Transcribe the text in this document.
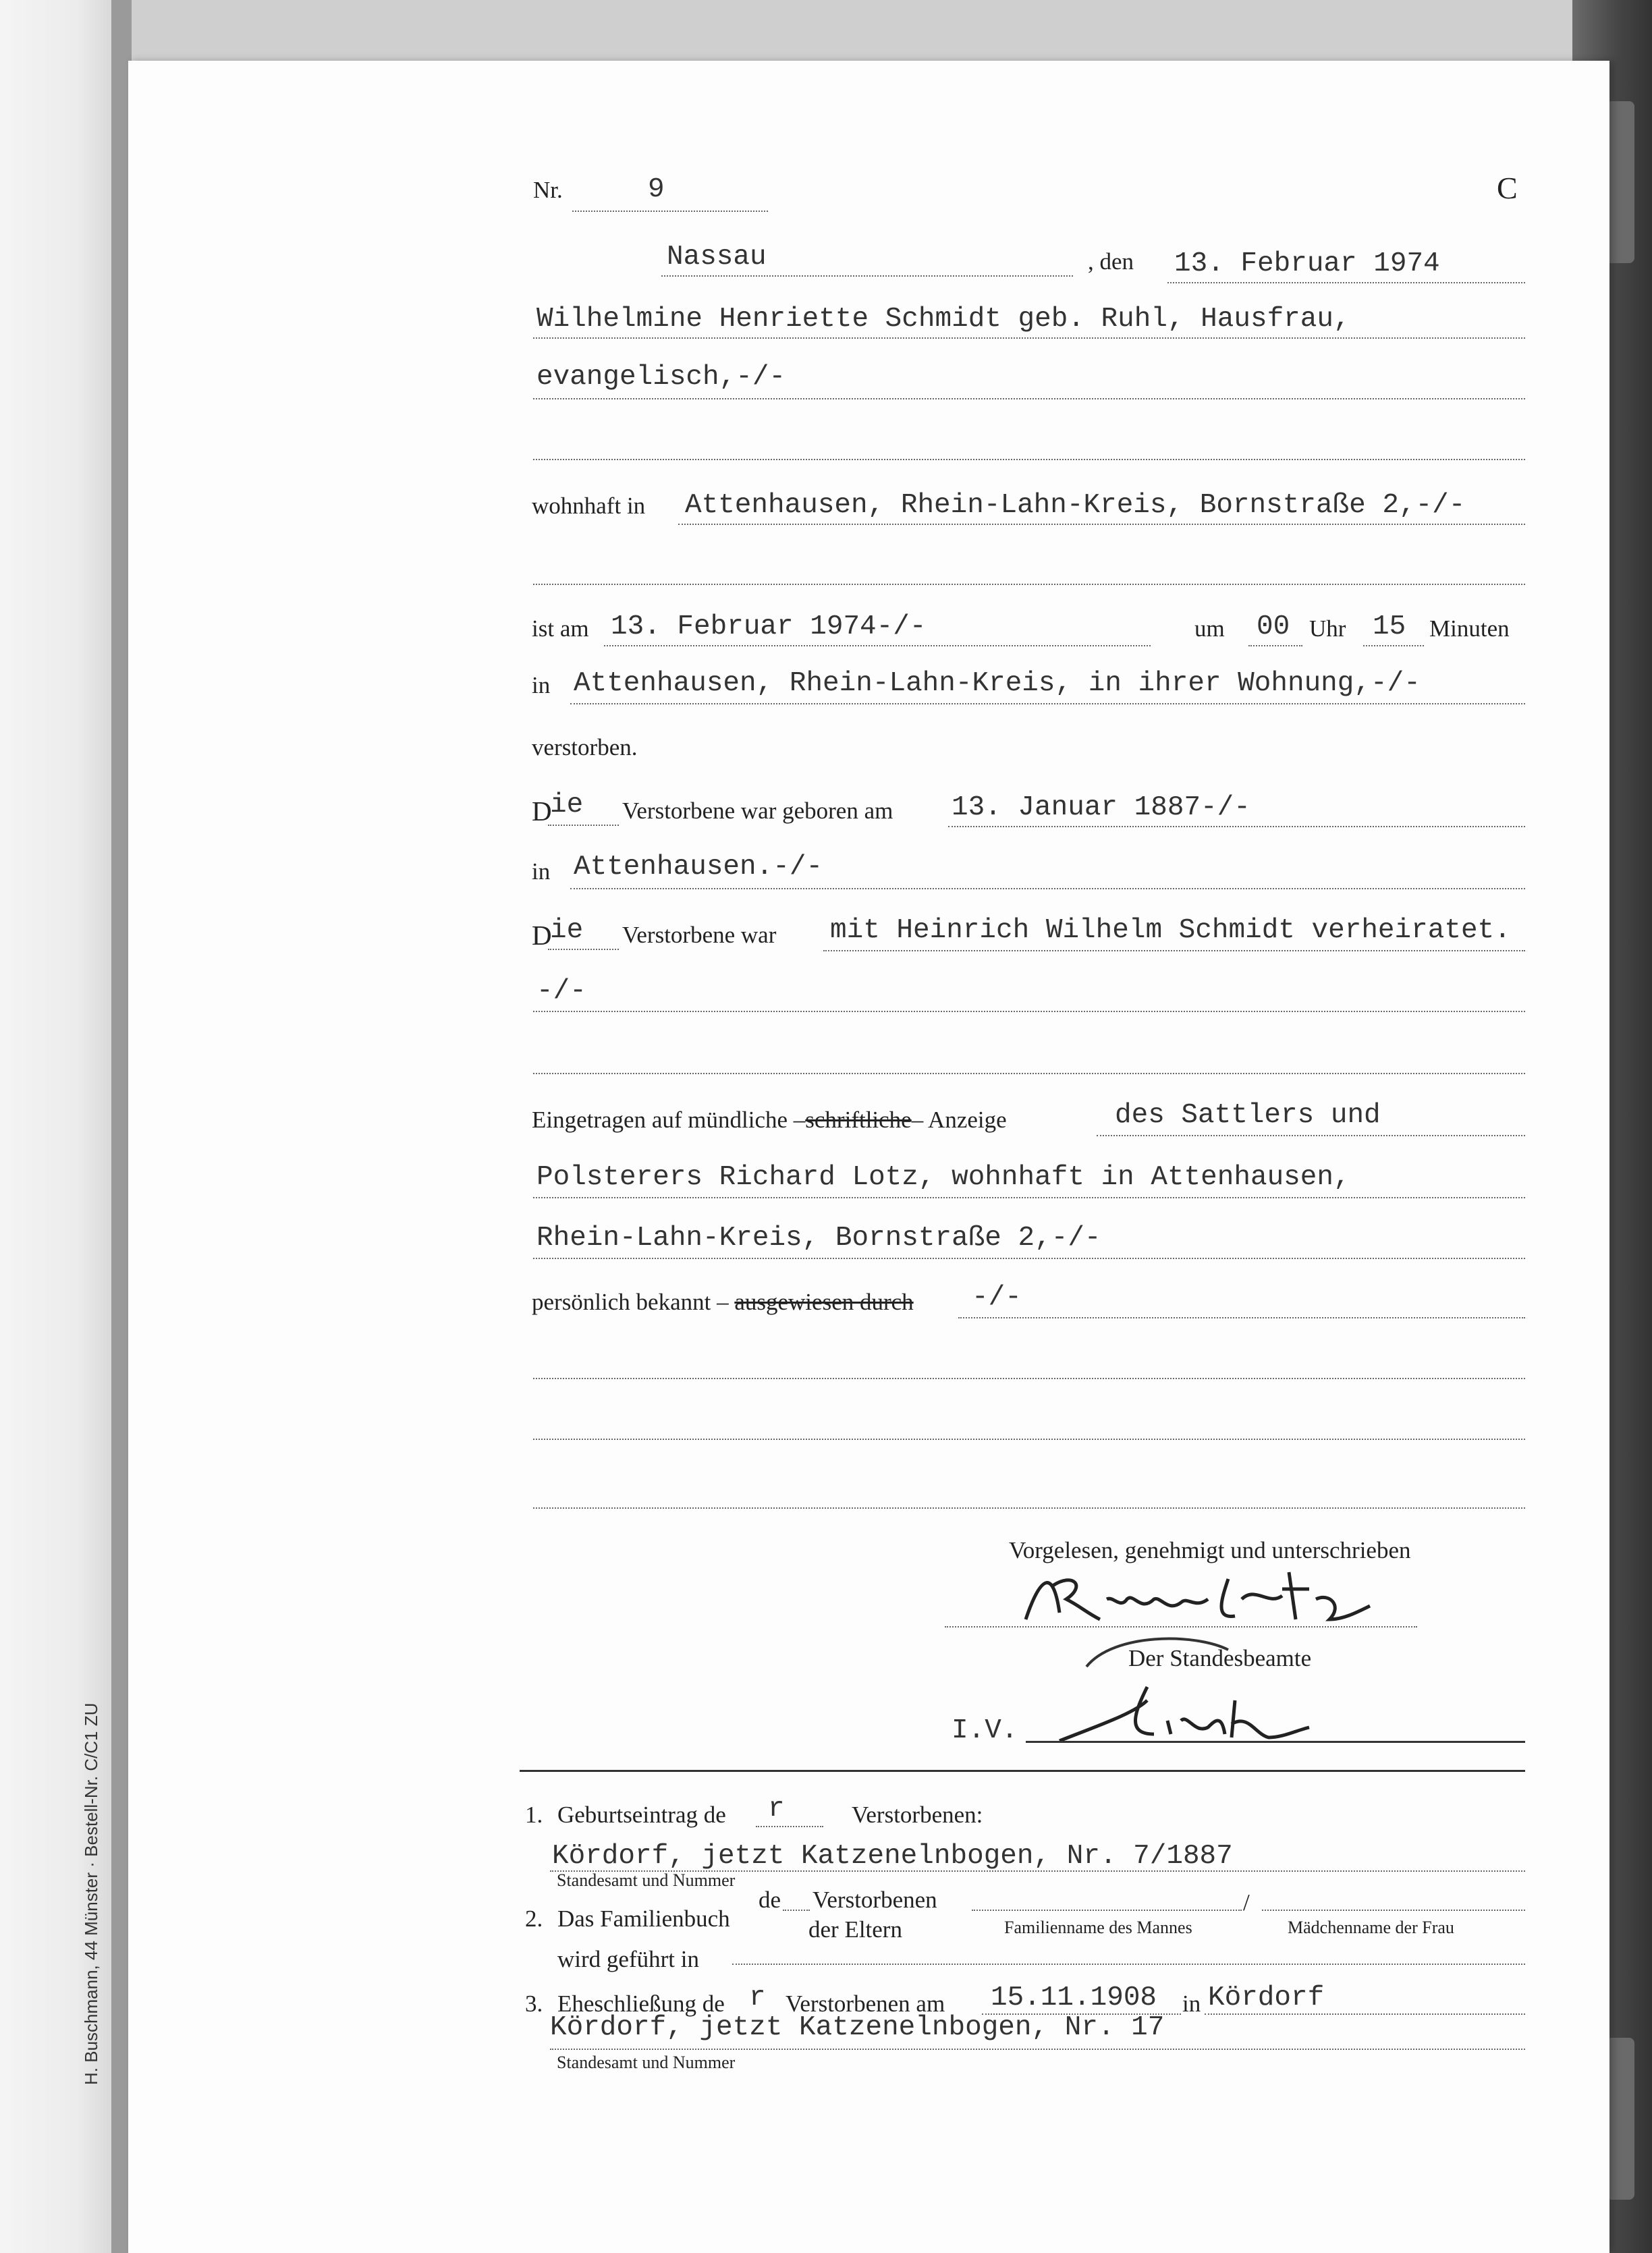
H. Buschmann, 44 Münster · Bestell-Nr. C/C1 ZU
Nr.	9	C
Nassau	, den 13. Februar 1974
Wilhelmine Henriette Schmidt geb. Ruhl, Hausfrau,
evangelisch,-/-
wohnhaft in Attenhausen, Rhein-Lahn-Kreis, Bornstraße 2,-/-
ist am 13. Februar 1974-/-	um 00 Uhr 15 Minuten
in Attenhausen, Rhein-Lahn-Kreis, in ihrer Wohnung,-/-
verstorben.
D
ie Verstorbene war geboren am 13. Januar 1887-/-
in Attenhausen.-/-
D
ie Verstorbene war mit Heinrich Wilhelm Schmidt verheiratet.
-/-
Eingetragen auf mündliche –schriftliche– Anzeige	des Sattlers und
Polsterers Richard Lotz, wohnhaft in Attenhausen,
Rhein-Lahn-Kreis, Bornstraße 2,-/-
persönlich bekannt – ausgewiesen durch -/-
Vorgelesen, genehmigt und unterschrieben
Der Standesbeamte
I.V.
1. Geburtseintrag de r	Verstorbenen:
Kördorf, jetzt Katzenelnbogen, Nr. 7/1887
Standesamt und Nummer
2. Das Familienbuch
de Verstorbenen
der Eltern
/
Familienname des Mannes	Mädchenname der Frau
wird geführt in
3. Eheschließung de r Verstorbenen am 15.11.1908 in Kördorf
Kördorf, jetzt Katzenelnbogen, Nr. 17
Standesamt und Nummer
